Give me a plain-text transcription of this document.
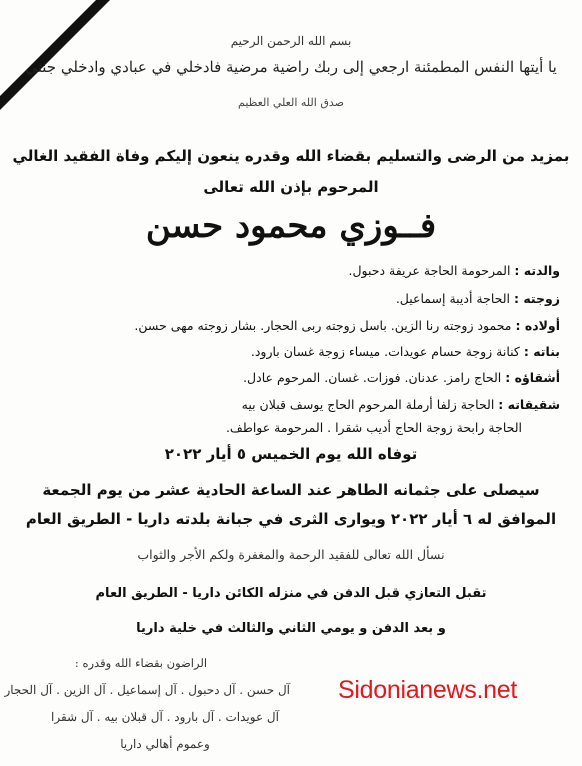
بسم الله الرحمن الرحيم
يا أيتها النفس المطمئنة ارجعي إلى ربك راضية مرضية فادخلي في عبادي وادخلي جنتي
صدق الله العلي العظيم
بمزيد من الرضى والتسليم بقضاء الله وقدره ينعون إليكم وفاة الفقيد الغالي
المرحوم بإذن الله تعالى
فــوزي محمود حسن
والدته : المرحومة الحاجة عريفة دحبول.
زوجته : الحاجة أديبة إسماعيل.
أولاده : محمود زوجته رنا الزين. باسل زوجته ربى الحجار. بشار زوجته مهى حسن.
بناته : كنانة زوجة حسام عويدات. ميساء زوجة غسان بارود.
أشقاؤه : الحاج رامز. عدنان. فوزات. غسان. المرحوم عادل.
شقيقاته : الحاجة زلفا أرملة المرحوم الحاج يوسف قبلان بيه
الحاجة رابحة زوجة الحاج أديب شقرا . المرحومة عواطف.
توفاه الله يوم الخميس ٥ أيار ٢٠٢٢
سيصلى على جثمانه الطاهر عند الساعة الحادية عشر من يوم الجمعة
الموافق له ٦ أيار ٢٠٢٢ ويوارى الثرى في جبانة بلدته داريا - الطريق العام
نسأل الله تعالى للفقيد الرحمة والمغفرة ولكم الأجر والثواب
تقبل التعازي قبل الدفن في منزله الكائن داريا - الطريق العام
و بعد الدفن و يومي الثاني والثالث في خلية داريا
الراضون بقضاء الله وقدره :
آل حسن . آل دحبول . آل إسماعيل . آل الزين . آل الحجار
آل عويدات . آل بارود . آل قبلان بيه . آل شقرا
وعموم أهالي داريا
Sidonianews.net
